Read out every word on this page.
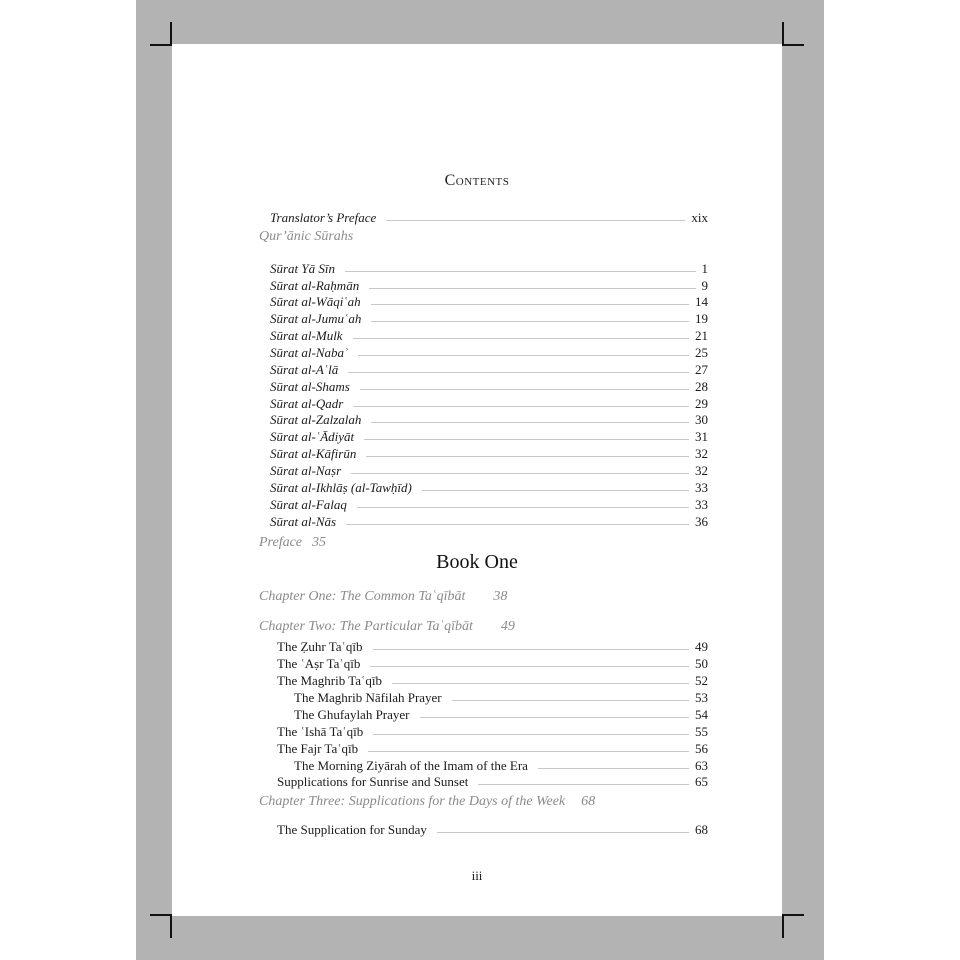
Contents
Translator’s Preface	xix
Qur’ānic Sūrahs
Sūrat Yā Sīn	1
Sūrat al-Raḥmān	9
Sūrat al-Wāqiʿah	14
Sūrat al-Jumuʿah	19
Sūrat al-Mulk	21
Sūrat al-Nabaʾ	25
Sūrat al-Aʿlā	27
Sūrat al-Shams	28
Sūrat al-Qadr	29
Sūrat al-Zalzalah	30
Sūrat al-ʿĀdiyāt	31
Sūrat al-Kāfirūn	32
Sūrat al-Naṣr	32
Sūrat al-Ikhlāṣ (al-Tawḥīd)	33
Sūrat al-Falaq	33
Sūrat al-Nās	36
Preface 35
Book One
Chapter One: The Common Taʿqībāt 38
Chapter Two: The Particular Taʿqībāt 49
The Ẓuhr Taʿqīb	49
The ʿAṣr Taʿqīb	50
The Maghrib Taʿqīb	52
The Maghrib Nāfilah Prayer	53
The Ghufaylah Prayer	54
The ʿIshā Taʿqīb	55
The Fajr Taʿqīb	56
The Morning Ziyārah of the Imam of the Era	63
Supplications for Sunrise and Sunset	65
Chapter Three: Supplications for the Days of the Week 68
The Supplication for Sunday	68
iii
